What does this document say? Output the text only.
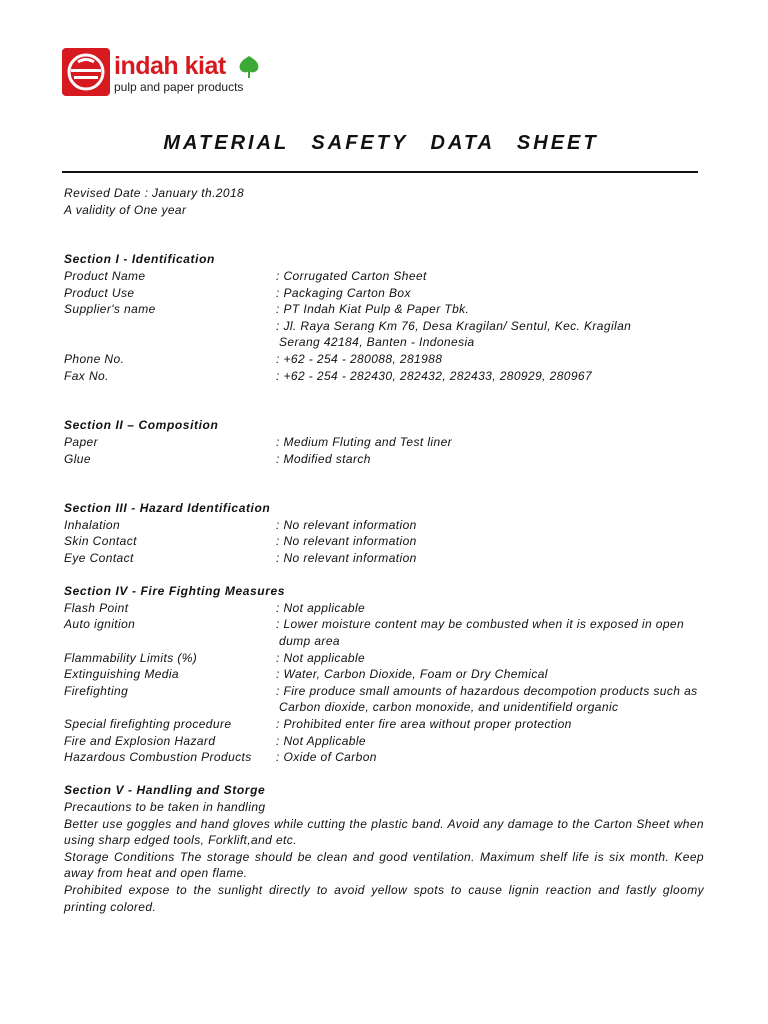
indah kiat
pulp and paper products
MATERIAL SAFETY DATA SHEET
Revised Date : January th.2018
A validity of One year
Section I - Identification
Product Name	: Corrugated Carton Sheet
Product Use	: Packaging Carton Box
Supplier's name	: PT Indah Kiat Pulp & Paper Tbk.
: Jl. Raya Serang Km 76, Desa Kragilan/ Sentul, Kec. Kragilan
Serang 42184, Banten - Indonesia
Phone No.	: +62 - 254 - 280088, 281988
Fax No.	: +62 - 254 - 282430, 282432, 282433, 280929, 280967
Section II – Composition
Paper	: Medium Fluting and Test liner
Glue	: Modified starch
Section III - Hazard Identification
Inhalation	: No relevant information
Skin Contact	: No relevant information
Eye Contact	: No relevant information
Section IV - Fire Fighting Measures
Flash Point	: Not applicable
Auto ignition	: Lower moisture content may be combusted when it is exposed in open
dump area
Flammability Limits (%)	: Not applicable
Extinguishing Media	: Water, Carbon Dioxide, Foam or Dry Chemical
Firefighting	: Fire produce small amounts of hazardous decompotion products such as
Carbon dioxide, carbon monoxide, and unidentifield organic
Special firefighting procedure	: Prohibited enter fire area without proper protection
Fire and Explosion Hazard	: Not Applicable
Hazardous Combustion Products	: Oxide of Carbon
Section V - Handling and Storge
Precautions to be taken in handling
Better use goggles and hand gloves while cutting the plastic band. Avoid any damage to the Carton Sheet when using sharp edged tools, Forklift,and etc.
Storage Conditions The storage should be clean and good ventilation. Maximum shelf life is six month. Keep away from heat and open flame.
Prohibited expose to the sunlight directly to avoid yellow spots to cause lignin reaction and fastly gloomy printing colored.
